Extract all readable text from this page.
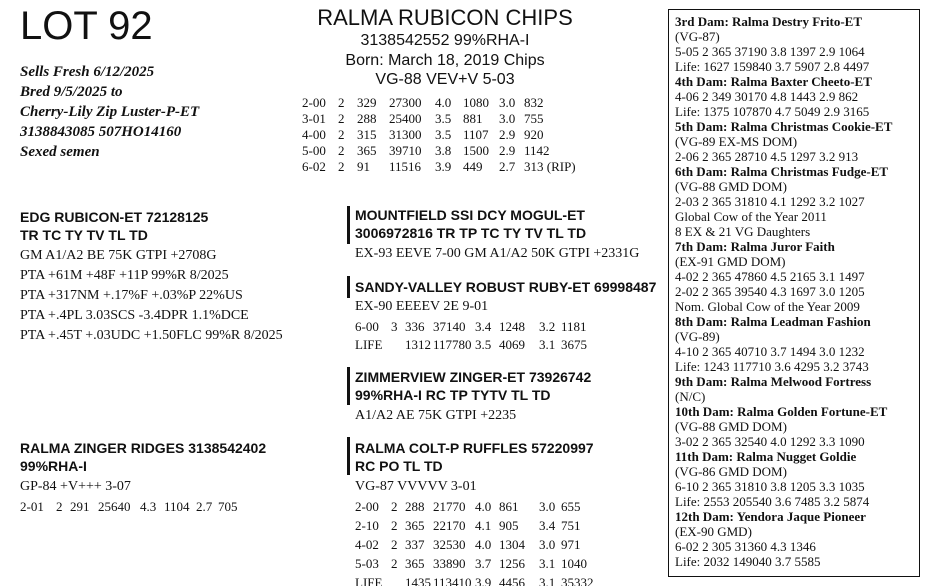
LOT 92
Sells Fresh 6/12/2025
Bred 9/5/2025 to
Cherry-Lily Zip Luster-P-ET
3138843085 507HO14160
Sexed semen
RALMA RUBICON CHIPS
3138542552 99%RHA-I
Born: March 18, 2019 Chips
VG-88 VEV+V 5-03
2-00	2	329	27300	4.0	1080	3.0	832
3-01	2	288	25400	3.5	881	3.0	755
4-00	2	315	31300	3.5	1107	2.9	920
5-00	2	365	39710	3.8	1500	2.9	1142
6-02	2	91	11516	3.9	449	2.7	313 (RIP)
EDG RUBICON-ET 72128125
TR TC TY TV TL TD
GM A1/A2 BE 75K GTPI +2708G
PTA +61M +48F +11P 99%R 8/2025
PTA +317NM +.17%F +.03%P 22%US
PTA +.4PL 3.03SCS -3.4DPR 1.1%DCE
PTA +.45T +.03UDC +1.50FLC 99%R 8/2025
RALMA ZINGER RIDGES 3138542402
99%RHA-I
GP-84 +V+++ 3-07
2-01	2	291	25640	4.3	1104	2.7	705
MOUNTFIELD SSI DCY MOGUL-ET
3006972816 TR TP TC TY TV TL TD
EX-93 EEVE 7-00 GM A1/A2 50K GTPI +2331G
SANDY-VALLEY ROBUST RUBY-ET 69998487
EX-90 EEEEV 2E 9-01
6-00	3	336	37140	3.4	1248	3.2	1181
LIFE		1312	117780	3.5	4069	3.1	3675
ZIMMERVIEW ZINGER-ET 73926742
99%RHA-I RC TP TYTV TL TD
A1/A2 AE 75K GTPI +2235
RALMA COLT-P RUFFLES 57220997
RC PO TL TD
VG-87 VVVVV 3-01
2-00	2	288	21770	4.0	861	3.0	655
2-10	2	365	22170	4.1	905	3.4	751
4-02	2	337	32530	4.0	1304	3.0	971
5-03	2	365	33890	3.7	1256	3.1	1040
LIFE		1435	113410	3.9	4456	3.1	35332
3rd Dam: Ralma Destry Frito-ET
(VG-87)
5-05 2 365 37190 3.8 1397 2.9 1064
Life: 1627 159840 3.7 5907 2.8 4497
4th Dam: Ralma Baxter Cheeto-ET
4-06 2 349 30170 4.8 1443 2.9 862
Life: 1375 107870 4.7 5049 2.9 3165
5th Dam: Ralma Christmas Cookie-ET
(VG-89 EX-MS DOM)
2-06 2 365 28710 4.5 1297 3.2 913
6th Dam: Ralma Christmas Fudge-ET
(VG-88 GMD DOM)
2-03 2 365 31810 4.1 1292 3.2 1027
Global Cow of the Year 2011
8 EX & 21 VG Daughters
7th Dam: Ralma Juror Faith
(EX-91 GMD DOM)
4-02 2 365 47860 4.5 2165 3.1 1497
2-02 2 365 39540 4.3 1697 3.0 1205
Nom. Global Cow of the Year 2009
8th Dam: Ralma Leadman Fashion
(VG-89)
4-10 2 365 40710 3.7 1494 3.0 1232
Life: 1243 117710 3.6 4295 3.2 3743
9th Dam: Ralma Melwood Fortress
(N/C)
10th Dam: Ralma Golden Fortune-ET
(VG-88 GMD DOM)
3-02 2 365 32540 4.0 1292 3.3 1090
11th Dam: Ralma Nugget Goldie
(VG-86 GMD DOM)
6-10 2 365 31810 3.8 1205 3.3 1035
Life: 2553 205540 3.6 7485 3.2 5874
12th Dam: Yendora Jaque Pioneer
(EX-90 GMD)
6-02 2 305 31360 4.3 1346
Life: 2032 149040 3.7 5585
